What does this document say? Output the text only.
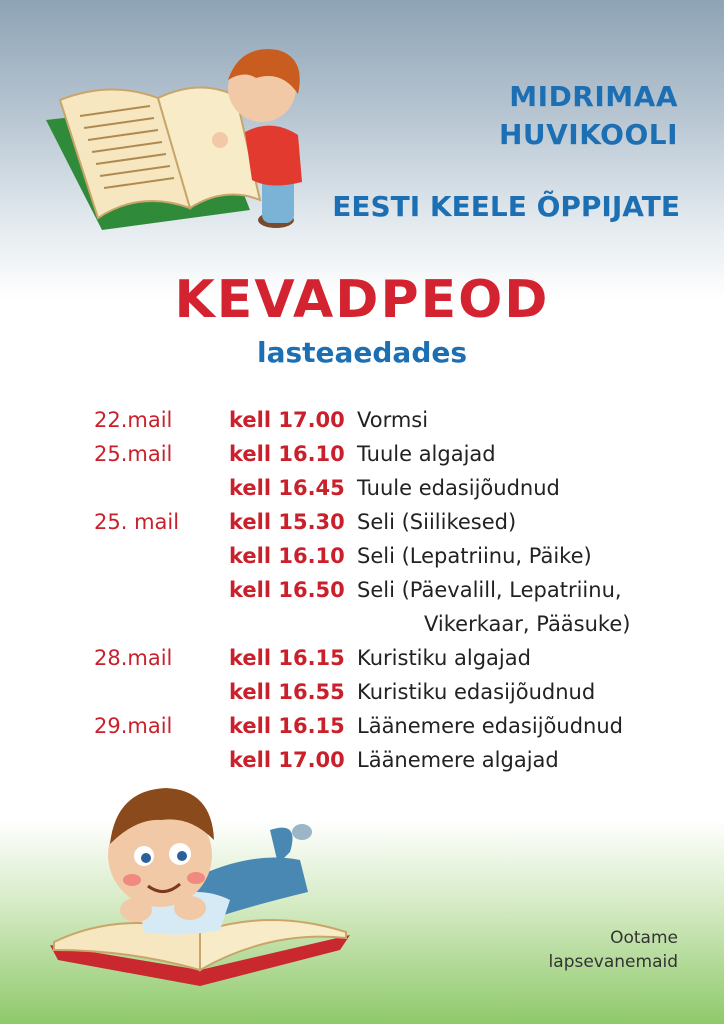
MIDRIMAA
HUVIKOOLI
EESTI KEELE ÕPPIJATE
KEVADPEOD
lasteaedades
22.mail	kell 17.00 Vormsi
25.mail	kell 16.10 Tuule algajad
kell 16.45 Tuule edasijõudnud
25. mail kell 15.30 Seli (Siilikesed)
kell 16.10 Seli (Lepatriinu, Päike)
kell 16.50 Seli (Päevalill, Lepatriinu,
Vikerkaar, Pääsuke)
28.mail	kell 16.15 Kuristiku algajad
kell 16.55 Kuristiku edasijõudnud
29.mail	kell 16.15 Läänemere edasijõudnud
kell 17.00 Läänemere algajad
Ootame
lapsevanemaid
